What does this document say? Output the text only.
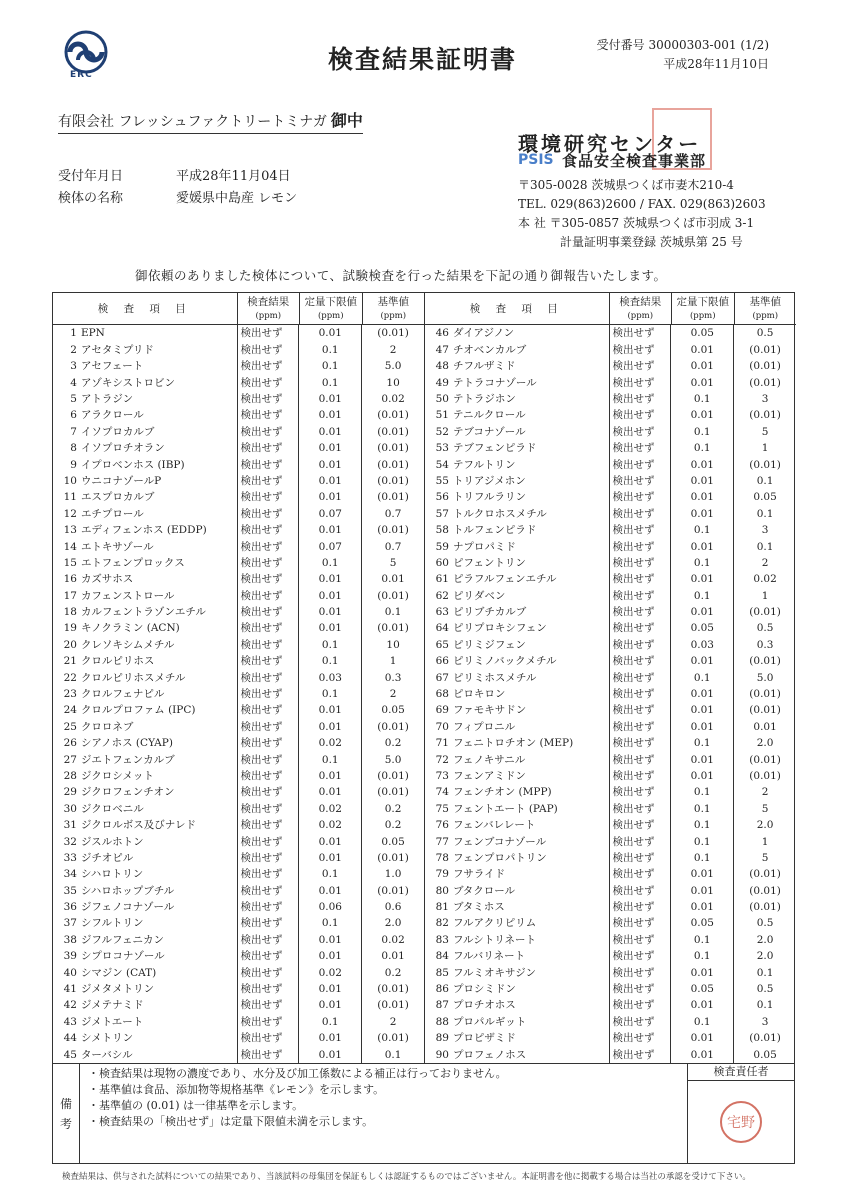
ERC
検査結果証明書	受付番号 30000303-001 (1/2)
平成28年11月10日
有限会社 フレッシュファクトリートミナガ 御中
環境研究センター
PSIS 食品安全検査事業部
〒305-0028 茨城県つくば市妻木210-4
TEL. 029(863)2600 / FAX. 029(863)2603
本 社 〒305-0857 茨城県つくば市羽成 3-1
計量証明事業登録 茨城県第 25 号
受付年月日	平成28年11月04日
検体の名称	愛媛県中島産 レモン
御依頼のありました検体について、試験検査を行った結果を下記の通り御報告いたします。
検 査 項 目
検査結果
(ppm)
定量下限値
(ppm)
基準値
(ppm)
1 EPN	検出せず	0.01	(0.01)
2 アセタミプリド	検出せず	0.1	2
3 アセフェート	検出せず	0.1	5.0
4 アゾキシストロビン	検出せず	0.1	10
5 アトラジン	検出せず	0.01	0.02
6 アラクロール	検出せず	0.01	(0.01)
7 イソプロカルブ	検出せず	0.01	(0.01)
8 イソプロチオラン	検出せず	0.01	(0.01)
9 イプロベンホス (IBP)	検出せず	0.01	(0.01)
10 ウニコナゾールP	検出せず	0.01	(0.01)
11 エスプロカルブ	検出せず	0.01	(0.01)
12 エチプロール	検出せず	0.07	0.7
13 エディフェンホス (EDDP)	検出せず	0.01	(0.01)
14 エトキサゾール	検出せず	0.07	0.7
15 エトフェンプロックス	検出せず	0.1	5
16 カズサホス	検出せず	0.01	0.01
17 カフェンストロール	検出せず	0.01	(0.01)
18 カルフェントラゾンエチル	検出せず	0.01	0.1
19 キノクラミン (ACN)	検出せず	0.01	(0.01)
20 クレソキシムメチル	検出せず	0.1	10
21 クロルピリホス	検出せず	0.1	1
22 クロルピリホスメチル	検出せず	0.03	0.3
23 クロルフェナピル	検出せず	0.1	2
24 クロルプロファム (IPC)	検出せず	0.01	0.05
25 クロロネブ	検出せず	0.01	(0.01)
26 シアノホス (CYAP)	検出せず	0.02	0.2
27 ジエトフェンカルブ	検出せず	0.1	5.0
28 ジクロシメット	検出せず	0.01	(0.01)
29 ジクロフェンチオン	検出せず	0.01	(0.01)
30 ジクロベニル	検出せず	0.02	0.2
31 ジクロルボス及びナレド	検出せず	0.02	0.2
32 ジスルホトン	検出せず	0.01	0.05
33 ジチオピル	検出せず	0.01	(0.01)
34 シハロトリン	検出せず	0.1	1.0
35 シハロホップブチル	検出せず	0.01	(0.01)
36 ジフェノコナゾール	検出せず	0.06	0.6
37 シフルトリン	検出せず	0.1	2.0
38 ジフルフェニカン	検出せず	0.01	0.02
39 シプロコナゾール	検出せず	0.01	0.01
40 シマジン (CAT)	検出せず	0.02	0.2
41 ジメタメトリン	検出せず	0.01	(0.01)
42 ジメテナミド	検出せず	0.01	(0.01)
43 ジメトエート	検出せず	0.1	2
44 シメトリン	検出せず	0.01	(0.01)
45 ターバシル	検出せず	0.01	0.1
検 査 項 目
検査結果
(ppm)
定量下限値
(ppm)
基準値
(ppm)
46 ダイアジノン	検出せず	0.05	0.5
47 チオベンカルブ	検出せず	0.01	(0.01)
48 チフルザミド	検出せず	0.01	(0.01)
49 テトラコナゾール	検出せず	0.01	(0.01)
50 テトラジホン	検出せず	0.1	3
51 テニルクロール	検出せず	0.01	(0.01)
52 テブコナゾール	検出せず	0.1	5
53 テブフェンピラド	検出せず	0.1	1
54 テフルトリン	検出せず	0.01	(0.01)
55 トリアジメホン	検出せず	0.01	0.1
56 トリフルラリン	検出せず	0.01	0.05
57 トルクロホスメチル	検出せず	0.01	0.1
58 トルフェンピラド	検出せず	0.1	3
59 ナプロパミド	検出せず	0.01	0.1
60 ピフェントリン	検出せず	0.1	2
61 ピラフルフェンエチル	検出せず	0.01	0.02
62 ピリダベン	検出せず	0.1	1
63 ピリブチカルブ	検出せず	0.01	(0.01)
64 ピリプロキシフェン	検出せず	0.05	0.5
65 ピリミジフェン	検出せず	0.03	0.3
66 ピリミノバックメチル	検出せず	0.01	(0.01)
67 ピリミホスメチル	検出せず	0.1	5.0
68 ピロキロン	検出せず	0.01	(0.01)
69 ファモキサドン	検出せず	0.01	(0.01)
70 フィプロニル	検出せず	0.01	0.01
71 フェニトロチオン (MEP)	検出せず	0.1	2.0
72 フェノキサニル	検出せず	0.01	(0.01)
73 フェンアミドン	検出せず	0.01	(0.01)
74 フェンチオン (MPP)	検出せず	0.1	2
75 フェントエート (PAP)	検出せず	0.1	5
76 フェンバレレート	検出せず	0.1	2.0
77 フェンブコナゾール	検出せず	0.1	1
78 フェンプロパトリン	検出せず	0.1	5
79 フサライド	検出せず	0.01	(0.01)
80 ブタクロール	検出せず	0.01	(0.01)
81 ブタミホス	検出せず	0.01	(0.01)
82 フルアクリピリム	検出せず	0.05	0.5
83 フルシトリネート	検出せず	0.1	2.0
84 フルバリネート	検出せず	0.1	2.0
85 フルミオキサジン	検出せず	0.01	0.1
86 プロシミドン	検出せず	0.05	0.5
87 プロチオホス	検出せず	0.01	0.1
88 プロパルギット	検出せず	0.1	3
89 プロピザミド	検出せず	0.01	(0.01)
90 プロフェノホス	検出せず	0.01	0.05
備
考
・検査結果は現物の濃度であり、水分及び加工係数による補正は行っておりません。
・基準値は食品、添加物等規格基準《レモン》を示します。
・基準値の (0.01) は一律基準を示します。
・検査結果の「検出せず」は定量下限値未満を示します。
検査責任者
宅野
検査結果は、供与された試料についての結果であり、当該試料の母集団を保証もしくは認証するものではございません。本証明書を他に掲載する場合は当社の承認を受けて下さい。
